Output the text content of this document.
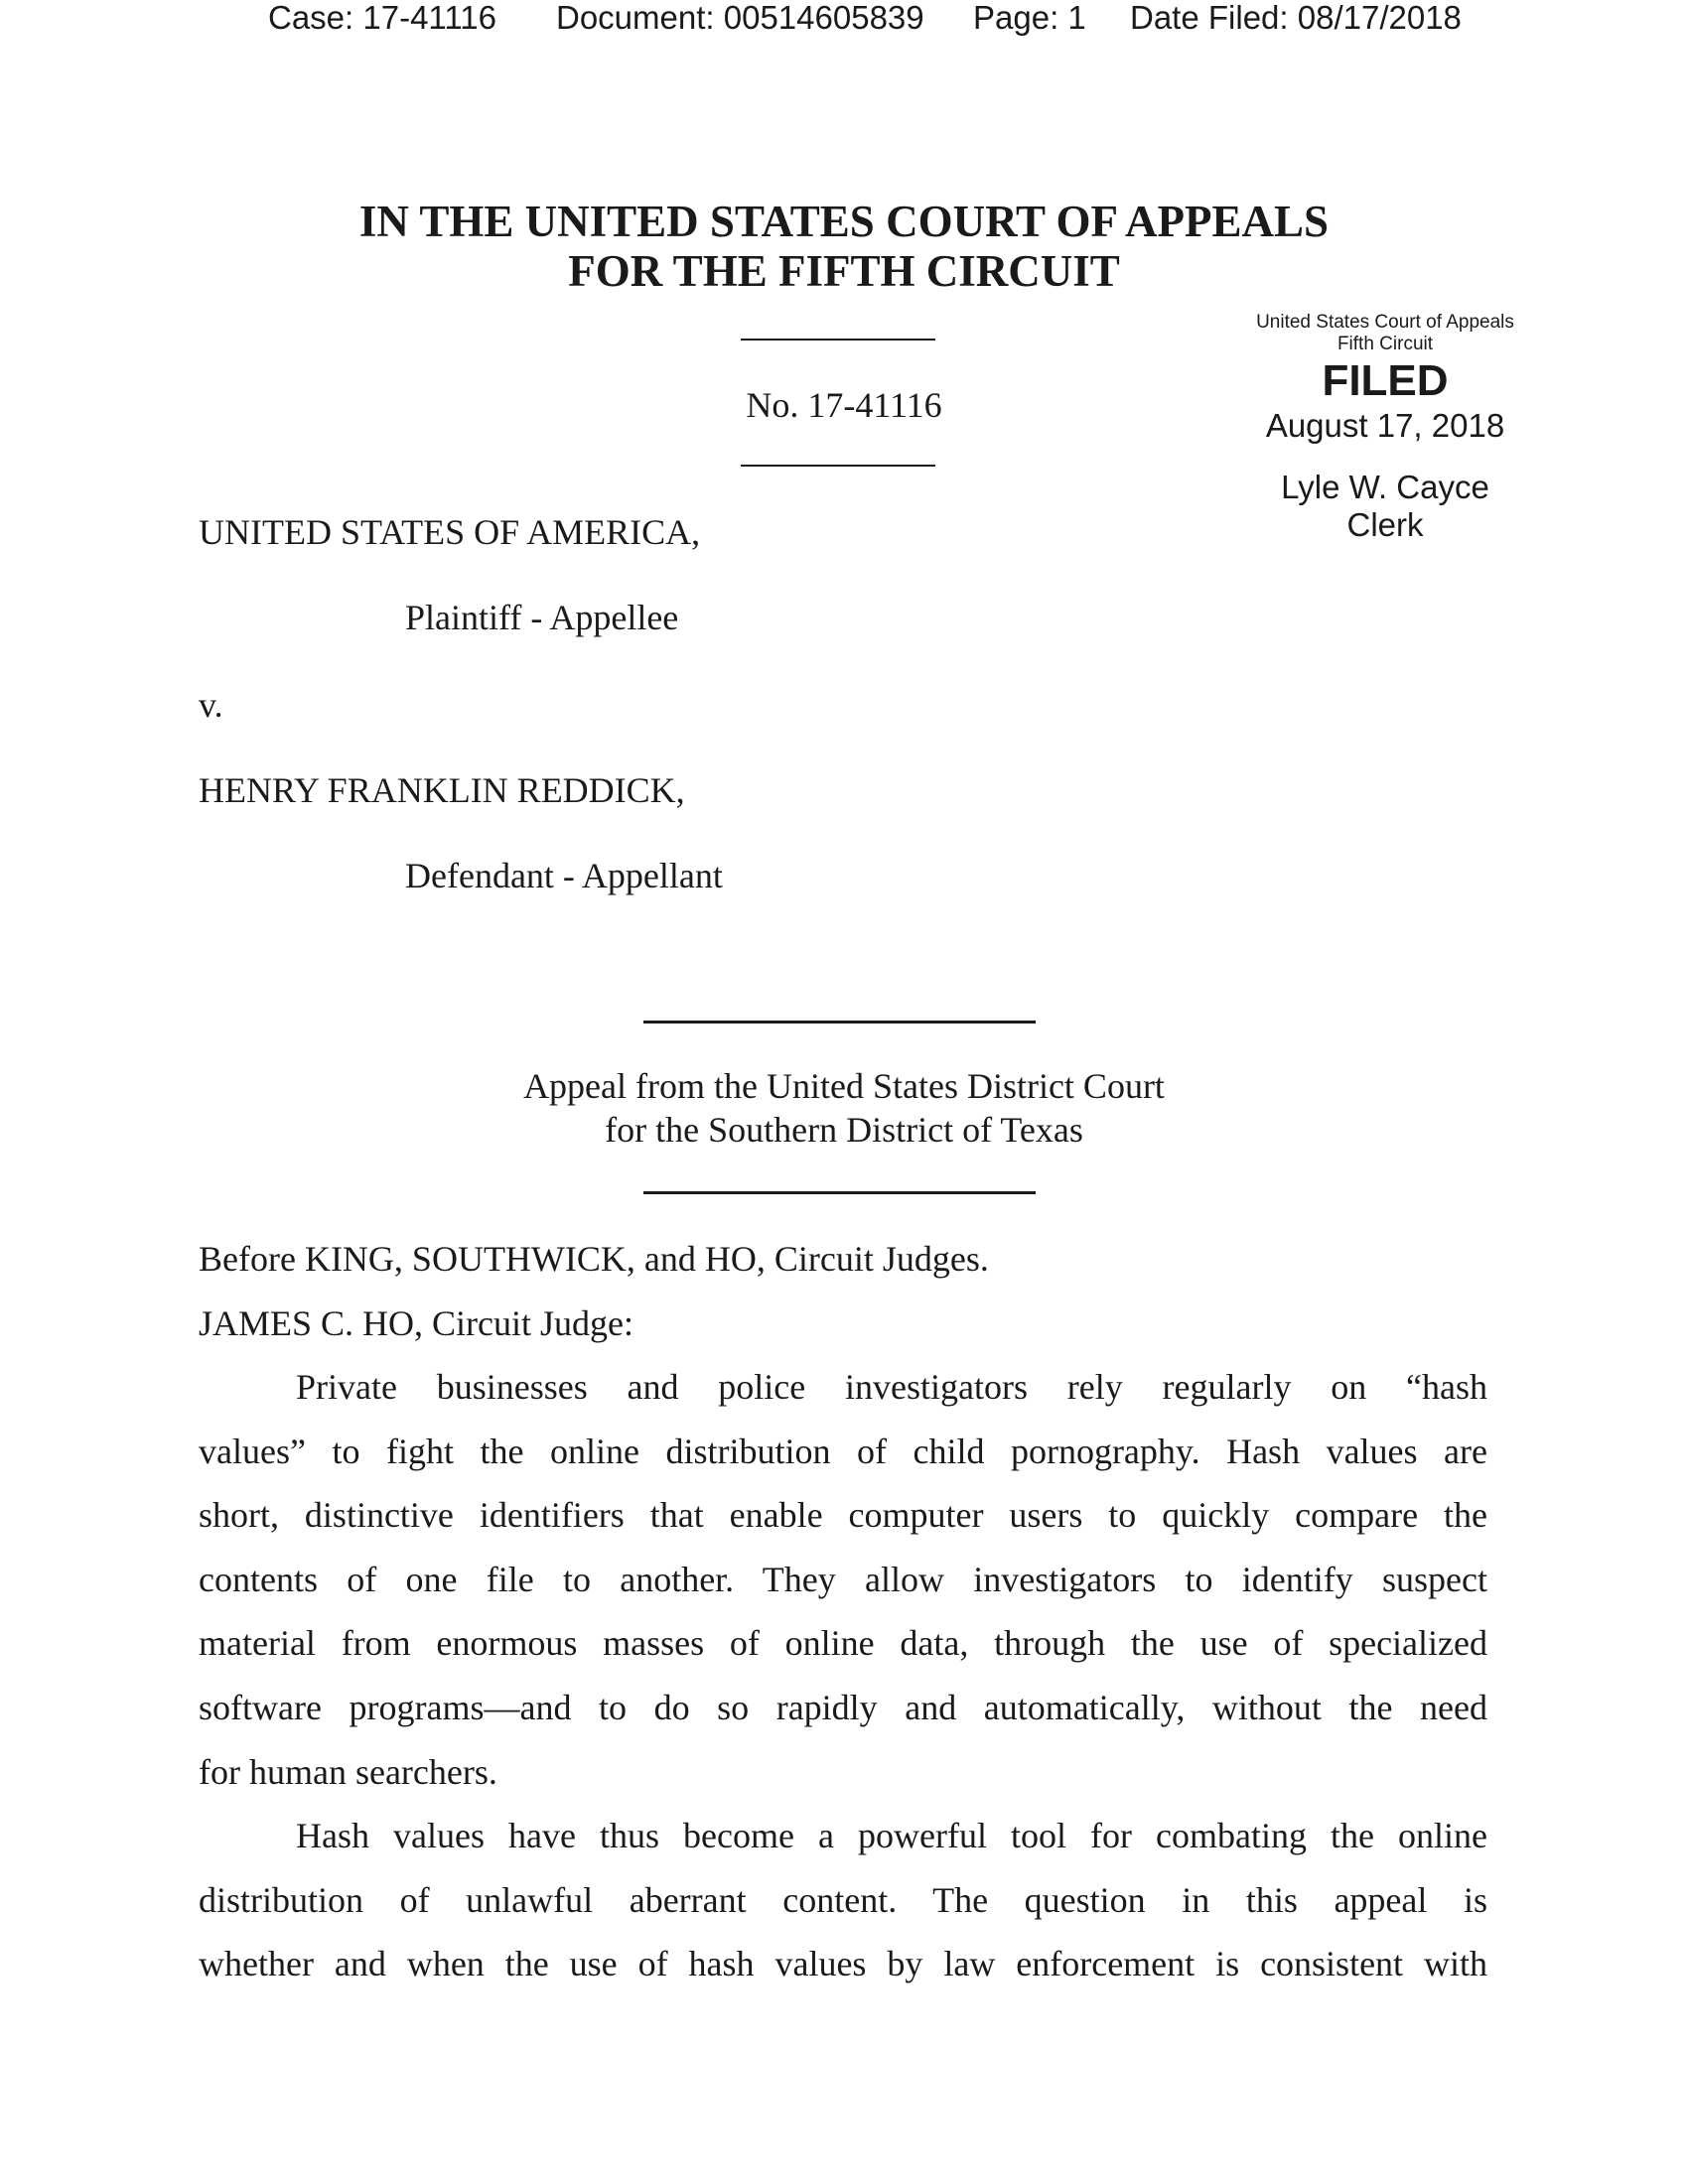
Case: 17-41116 Document: 00514605839 Page: 1 Date Filed: 08/17/2018
IN THE UNITED STATES COURT OF APPEALS
FOR THE FIFTH CIRCUIT
No. 17-41116
United States Court of Appeals
Fifth Circuit
FILED
August 17, 2018
Lyle W. Cayce
Clerk
UNITED STATES OF AMERICA,
Plaintiff - Appellee
v.
HENRY FRANKLIN REDDICK,
Defendant - Appellant
Appeal from the United States District Court
for the Southern District of Texas
Before KING, SOUTHWICK, and HO, Circuit Judges.
JAMES C. HO, Circuit Judge:
Private businesses and police investigators rely regularly on “hash
values” to fight the online distribution of child pornography. Hash values are
short, distinctive identifiers that enable computer users to quickly compare the
contents of one file to another. They allow investigators to identify suspect
material from enormous masses of online data, through the use of specialized
software programs—and to do so rapidly and automatically, without the need
for human searchers.
Hash values have thus become a powerful tool for combating the online
distribution of unlawful aberrant content. The question in this appeal is
whether and when the use of hash values by law enforcement is consistent with
